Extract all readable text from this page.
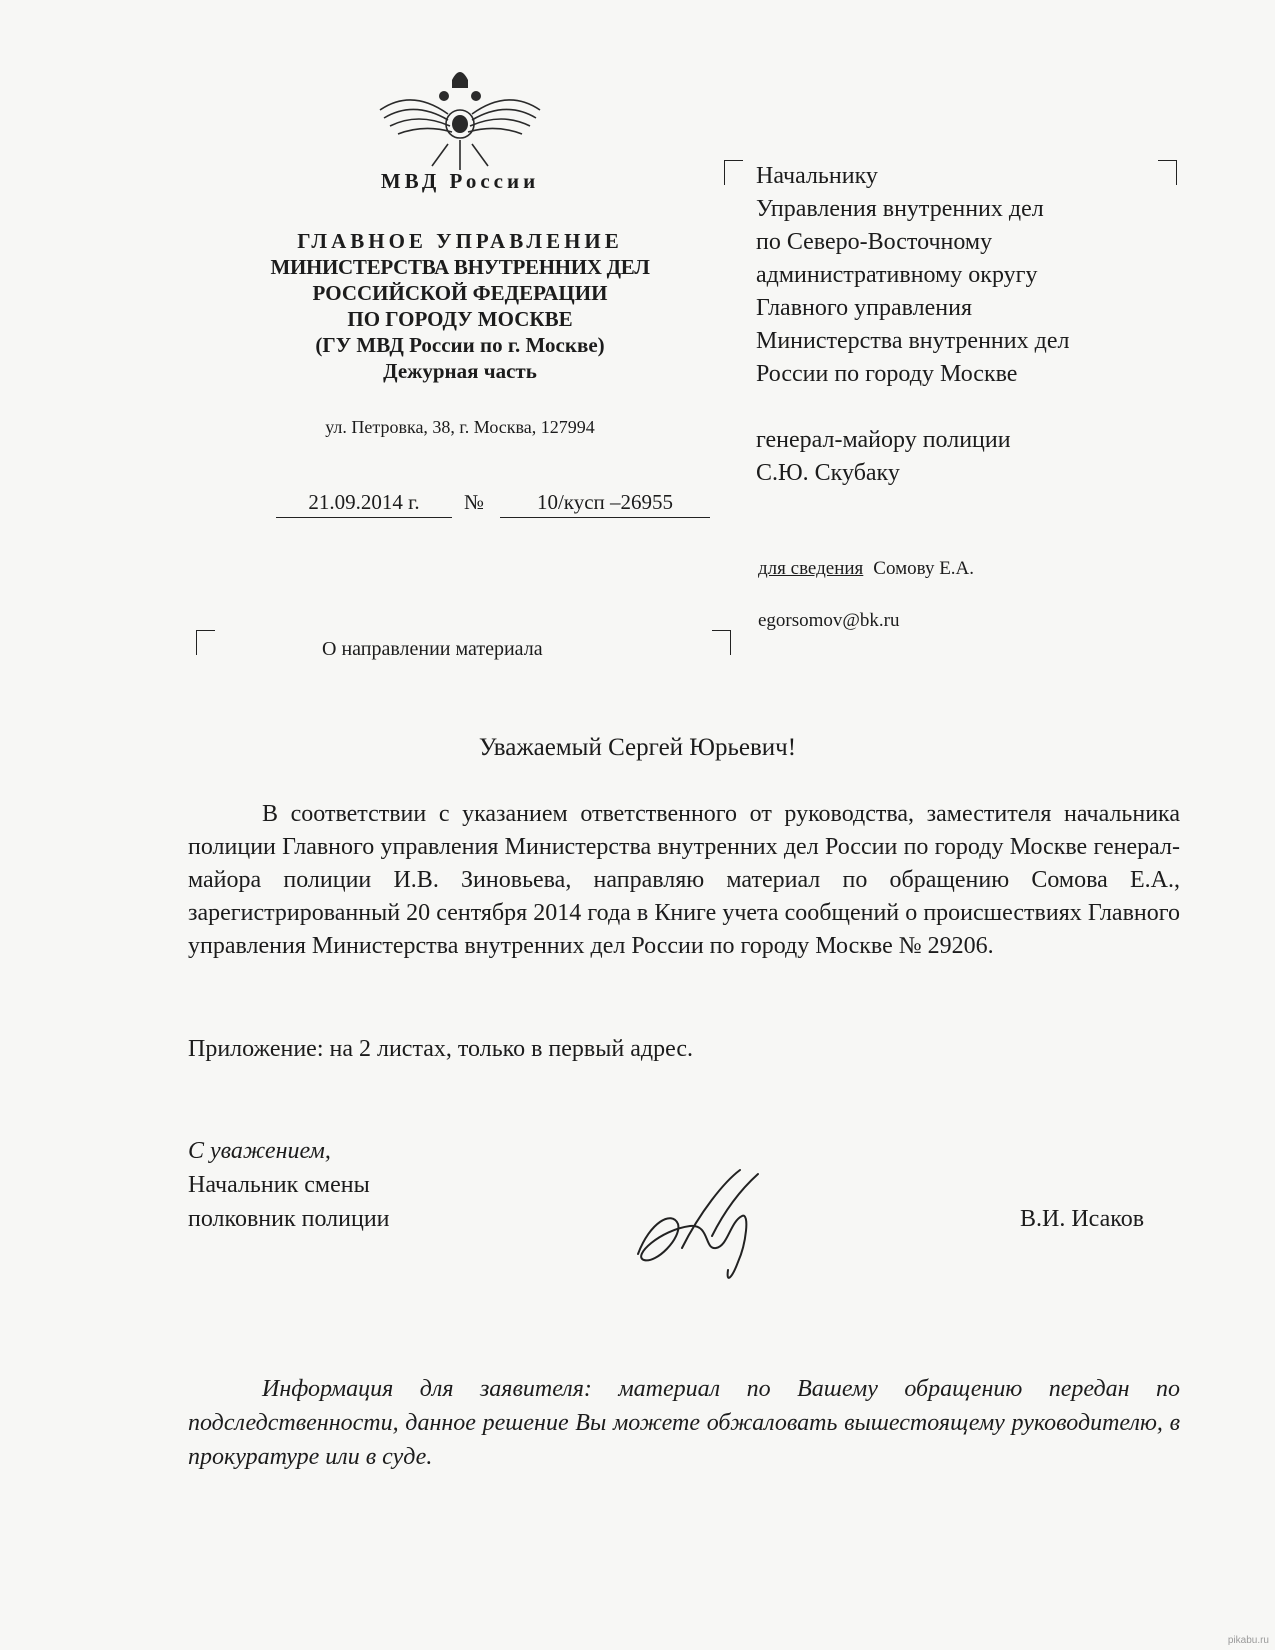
МВД России
ГЛАВНОЕ УПРАВЛЕНИЕ
МИНИСТЕРСТВА ВНУТРЕННИХ ДЕЛ
РОССИЙСКОЙ ФЕДЕРАЦИИ
ПО ГОРОДУ МОСКВЕ
(ГУ МВД России по г. Москве)
Дежурная часть
ул. Петровка, 38, г. Москва, 127994
21.09.2014 г.	№	10/кусп –26955
Начальнику
Управления внутренних дел
по Северо-Восточному
административному округу
Главного управления
Министерства внутренних дел
России по городу Москве
генерал-майору полиции
С.Ю. Скубаку
для сведения Сомову Е.А.
egorsomov@bk.ru
О направлении материала
Уважаемый Сергей Юрьевич!
В соответствии с указанием ответственного от руководства, заместителя начальника полиции Главного управления Министерства внутренних дел России по городу Москве генерал-майора полиции И.В. Зиновьева, направляю материал по обращению Сомова Е.А., зарегистрированный 20 сентября 2014 года в Книге учета сообщений о происшествиях Главного управления Министерства внутренних дел России по городу Москве № 29206.
Приложение: на 2 листах, только в первый адрес.
С уважением,
Начальник смены
полковник полиции	В.И. Исаков
Информация для заявителя: материал по Вашему обращению передан по подследственности, данное решение Вы можете обжаловать вышестоящему руководителю, в прокуратуре или в суде.
pikabu.ru
